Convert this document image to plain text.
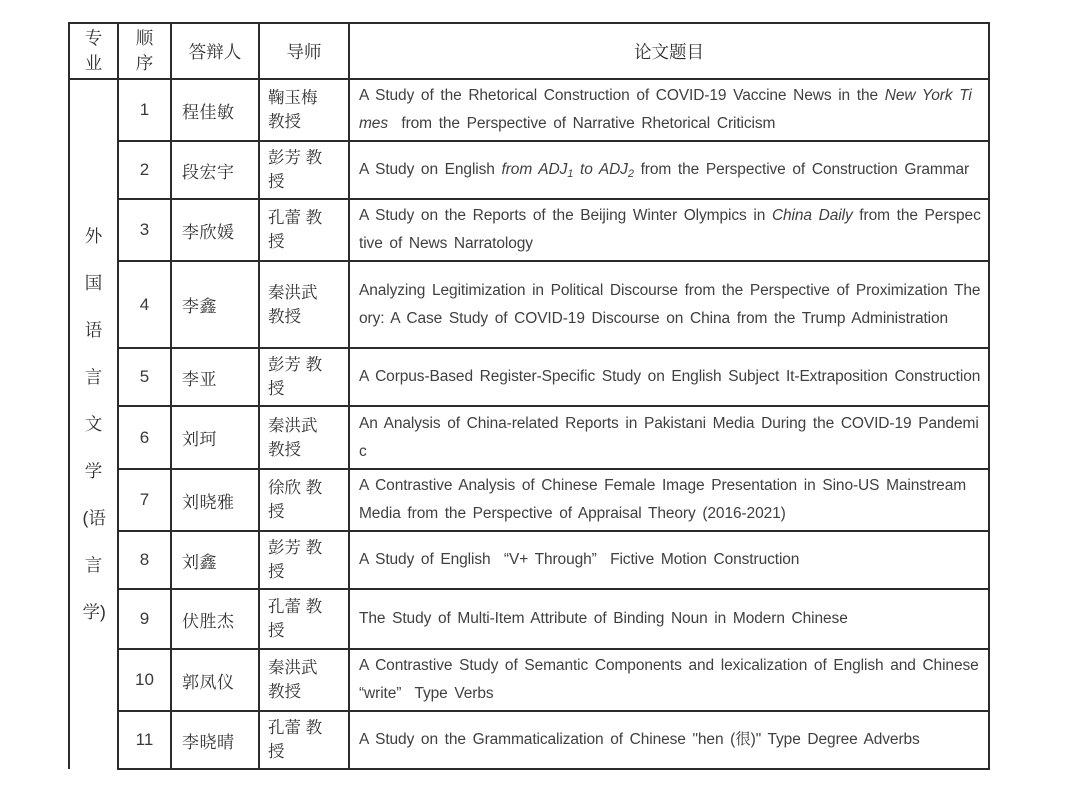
专业	顺序	答辩人	导师	论文题目

外国语言文学(语言学)	1	程佳敏	鞠玉梅教授	A Study of the Rhetorical Construction of COVID-19 Vaccine News in the New York Times  from the Perspective of Narrative Rhetorical Criticism

	2	段宏宇	彭芳 教授	A Study on English from ADJ1 to ADJ2 from the Perspective of Construction Grammar

	3	李欣媛	孔蕾 教授	A Study on the Reports of the Beijing Winter Olympics in China Daily from the Perspective of News Narratology

	4	李鑫	秦洪武教授	Analyzing Legitimization in Political Discourse from the Perspective of Proximization Theory: A Case Study of COVID-19 Discourse on China from the Trump Administration

	5	李亚	彭芳 教授	A Corpus-Based Register-Specific Study on English Subject It-Extraposition Construction

	6	刘珂	秦洪武教授	An Analysis of China-related Reports in Pakistani Media During the COVID-19 Pandemic

	7	刘晓雅	徐欣 教授	A Contrastive Analysis of Chinese Female Image Presentation in Sino-US Mainstream Media from the Perspective of Appraisal Theory (2016-2021)

	8	刘鑫	彭芳 教授	A Study of English  “V+ Through”  Fictive Motion Construction

	9	伏胜杰	孔蕾 教授	The Study of Multi-Item Attribute of Binding Noun in Modern Chinese

	10	郭凤仪	秦洪武教授	A Contrastive Study of Semantic Components and lexicalization of English and Chinese  “write”  Type Verbs

	11	李晓晴	孔蕾 教授	A Study on the Grammaticalization of Chinese "hen (很)" Type Degree Adverbs
